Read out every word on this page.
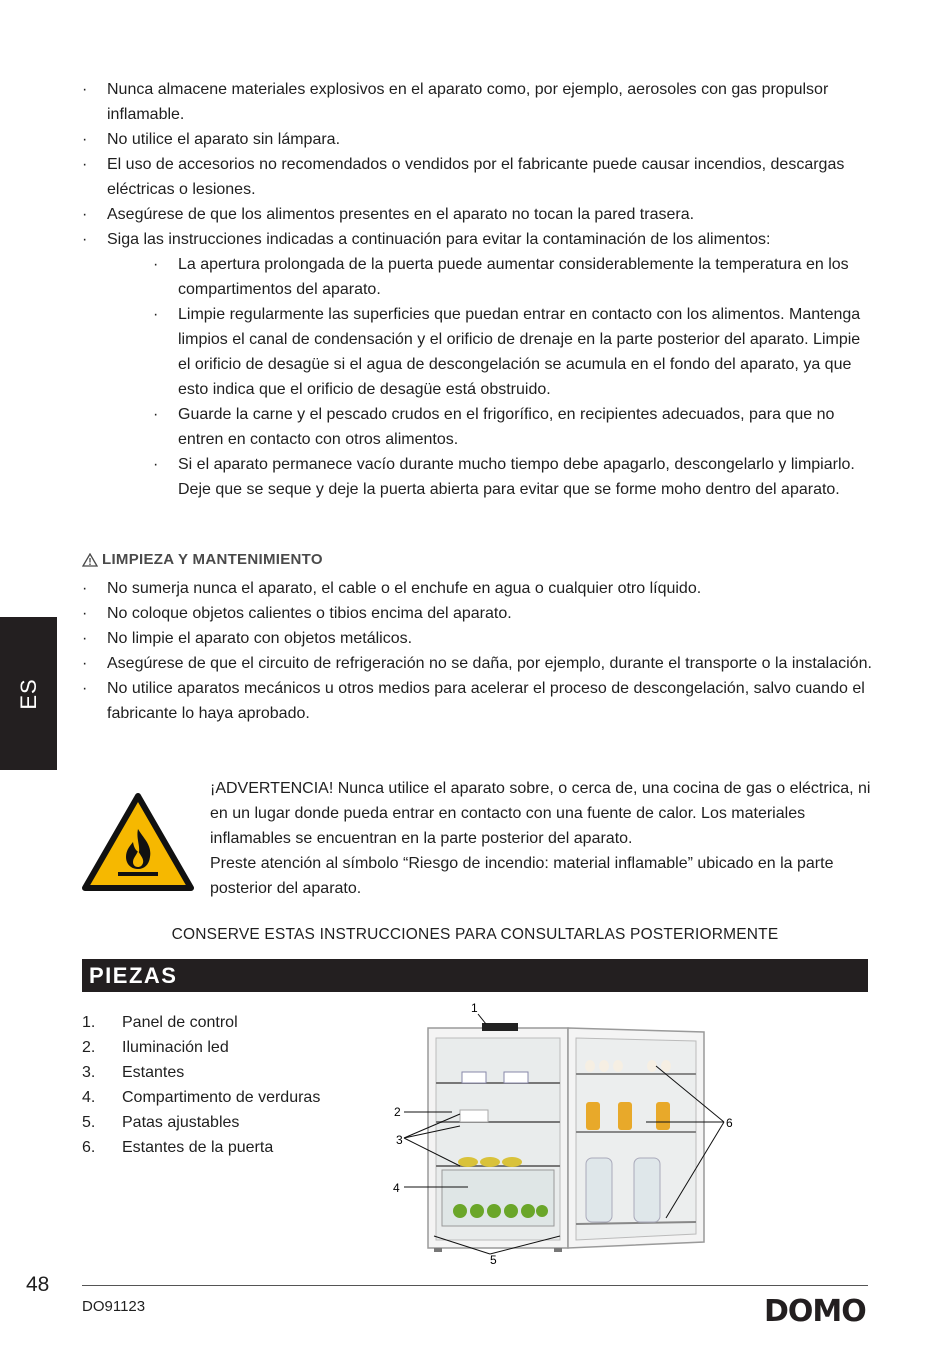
· Nunca almacene materiales explosivos en el aparato como, por ejemplo, aerosoles con gas propulsor inflamable.
· No utilice el aparato sin lámpara.
· El uso de accesorios no recomendados o vendidos por el fabricante puede causar incendios, descargas eléctricas o lesiones.
· Asegúrese de que los alimentos presentes en el aparato no tocan la pared trasera.
· Siga las instrucciones indicadas a continuación para evitar la contaminación de los alimentos:
· La apertura prolongada de la puerta puede aumentar considerablemente la temperatura en los compartimentos del aparato.
· Limpie regularmente las superficies que puedan entrar en contacto con los alimentos. Mantenga limpios el canal de condensación y el orificio de drenaje en la parte posterior del aparato. Limpie el orificio de desagüe si el agua de descongelación se acumula en el fondo del aparato, ya que esto indica que el orificio de desagüe está obstruido.
· Guarde la carne y el pescado crudos en el frigorífico, en recipientes adecuados, para que no entren en contacto con otros alimentos.
· Si el aparato permanece vacío durante mucho tiempo debe apagarlo, descongelarlo y limpiarlo. Deje que se seque y deje la puerta abierta para evitar que se forme moho dentro del aparato.
LIMPIEZA Y MANTENIMIENTO
· No sumerja nunca el aparato, el cable o el enchufe en agua o cualquier otro líquido.
· No coloque objetos calientes o tibios encima del aparato.
· No limpie el aparato con objetos metálicos.
· Asegúrese de que el circuito de refrigeración no se daña, por ejemplo, durante el transporte o la instalación.
· No utilice aparatos mecánicos u otros medios para acelerar el proceso de descongelación, salvo cuando el fabricante lo haya aprobado.
ES

¡ADVERTENCIA! Nunca utilice el aparato sobre, o cerca de, una cocina de gas o eléctrica, ni en un lugar donde pueda entrar en contacto con una fuente de calor. Los materiales inflamables se encuentran en la parte posterior del aparato.

Preste atención al símbolo “Riesgo de incendio: material inflamable” ubicado en la parte posterior del aparato.

CONSERVE ESTAS INSTRUCCIONES PARA CONSULTARLAS POSTERIORMENTE
PIEZAS
1.	Panel de control
2.	Iluminación led
3.	Estantes
4.	Compartimento de verduras
5.	Patas ajustables
6.	Estantes de la puerta
1
2
3
4
5
6
48
DO91123	DOMO
